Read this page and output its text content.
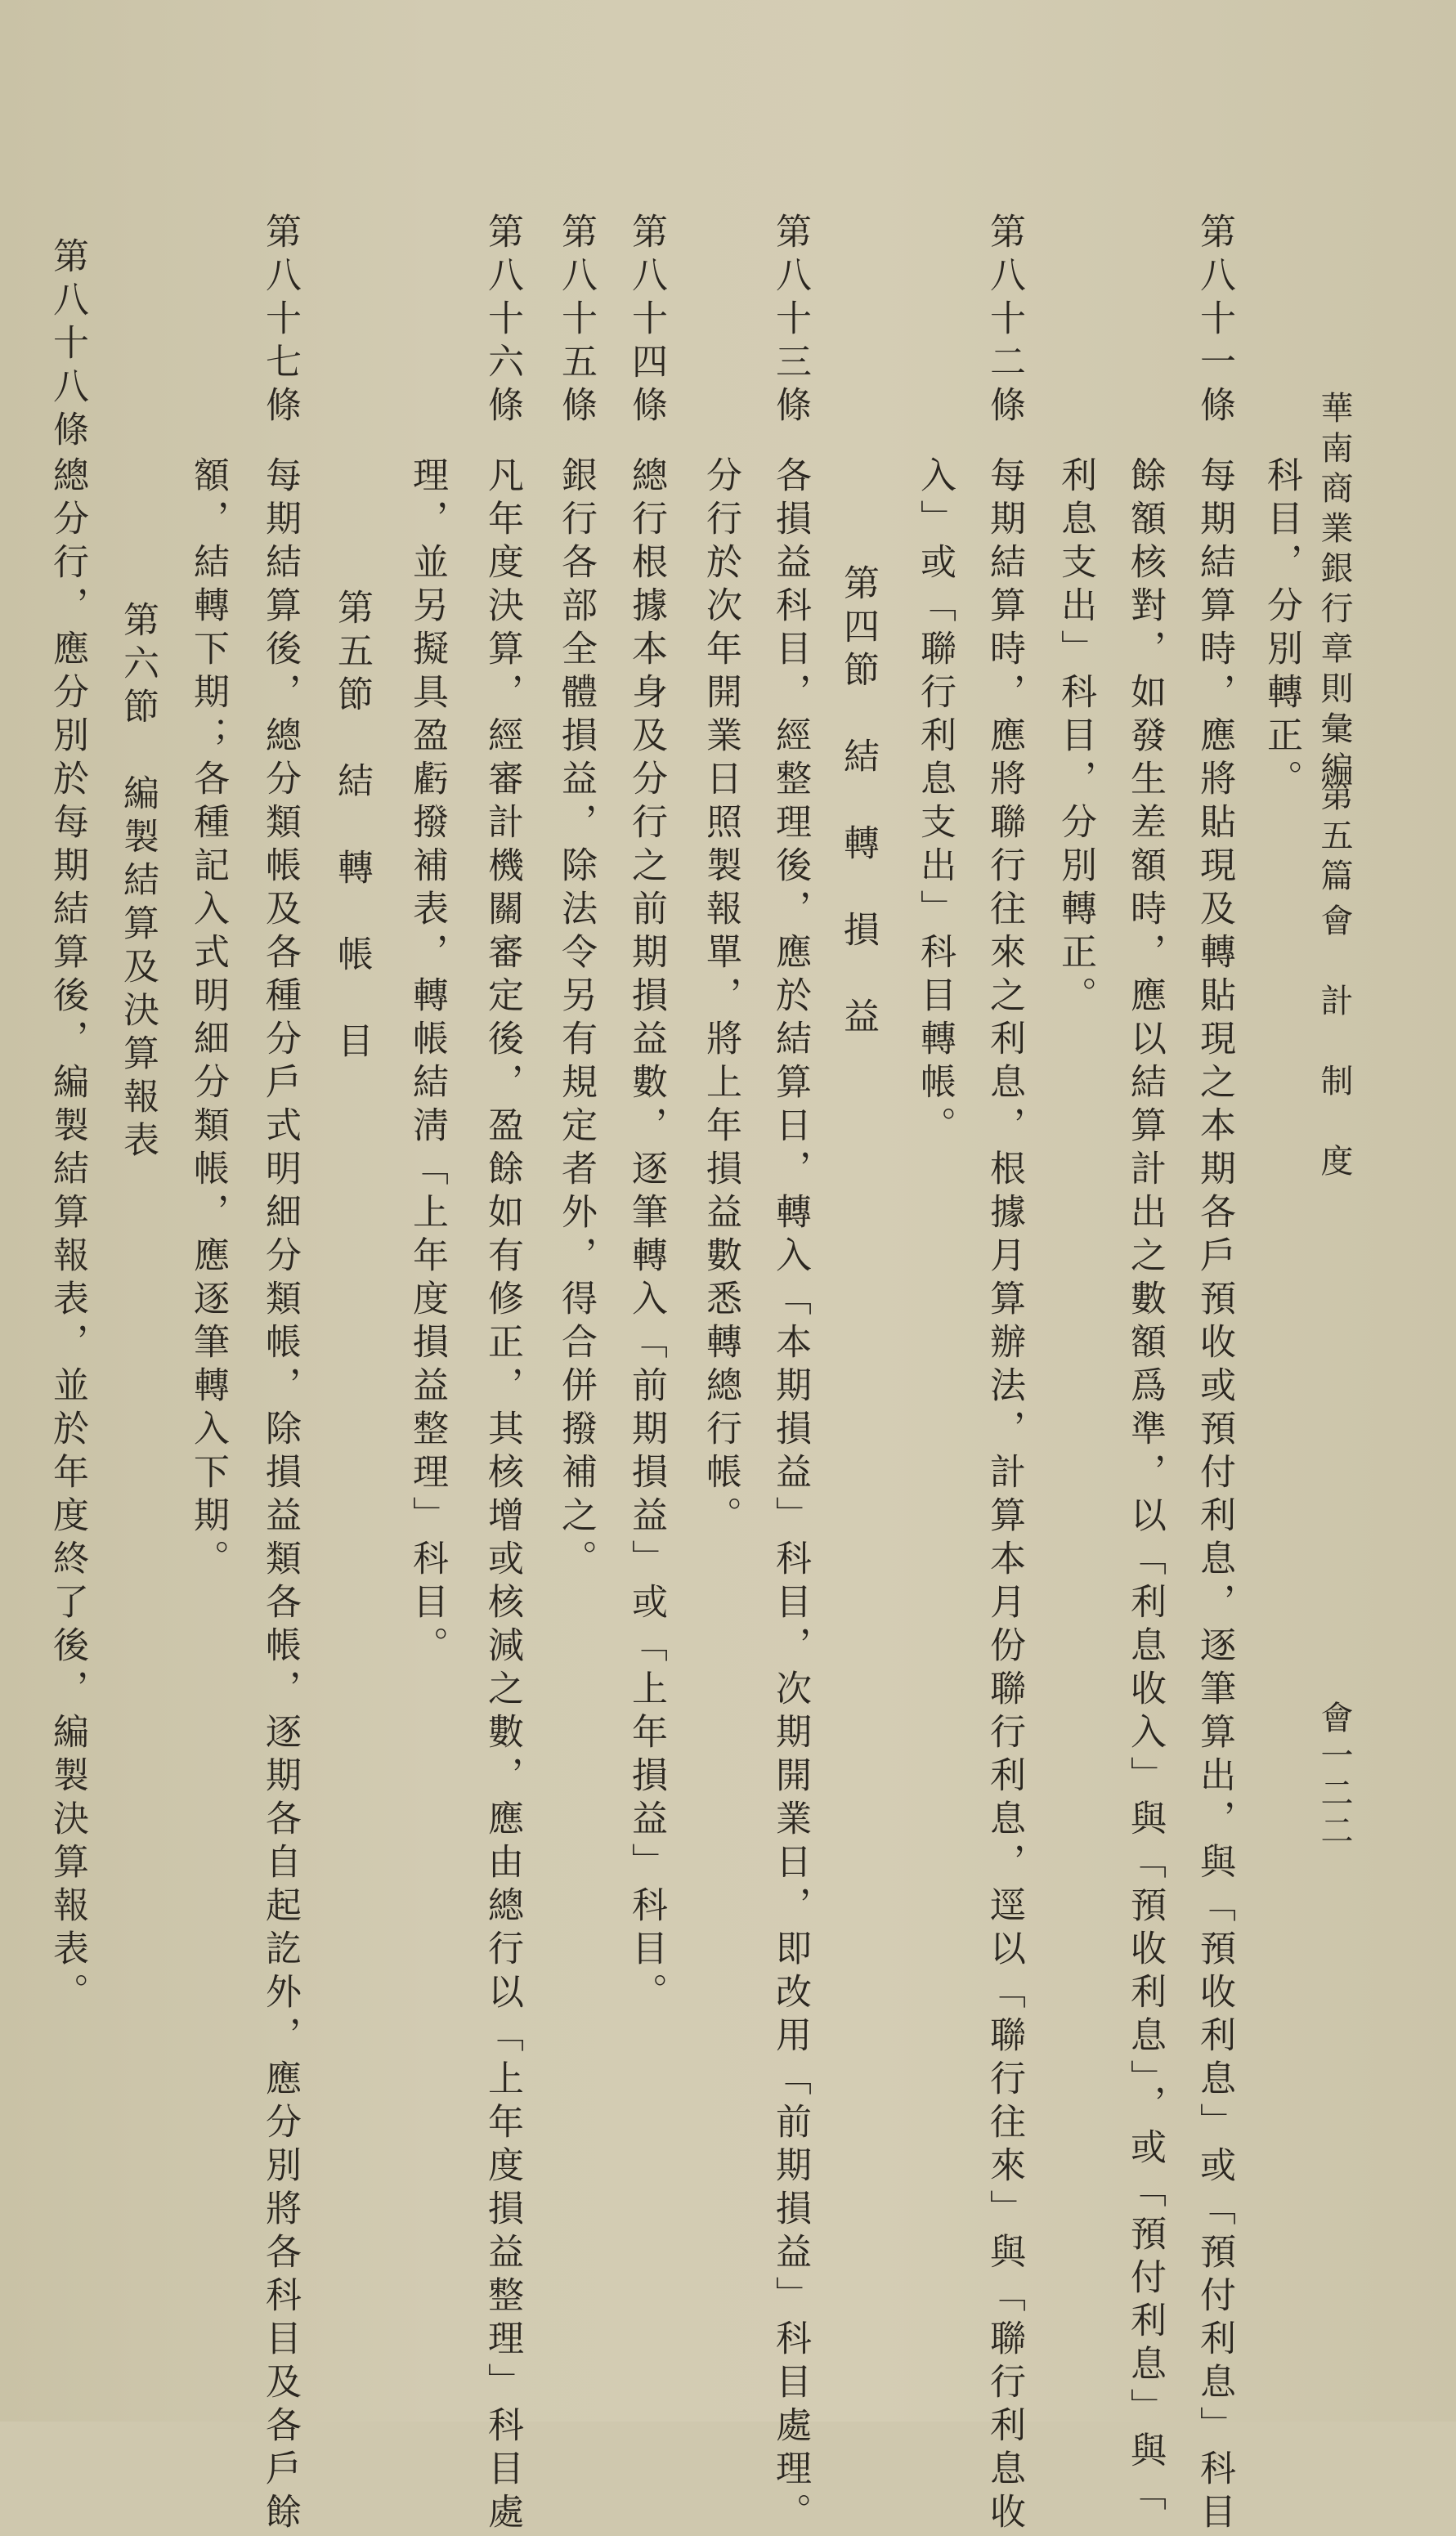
華南商業銀行章則彙編
第五篇
會　計　制　度
會一二二
科目，分別轉正。
第八十一條
每期結算時，應將貼現及轉貼現之本期各戶預收或預付利息，逐筆算出，與「預收利息」或「預付利息」科目
餘額核對，如發生差額時，應以結算計出之數額爲準，以「利息收入」與「預收利息」，或「預付利息」與「
利息支出」科目，分別轉正。
第八十二條
每期結算時，應將聯行往來之利息，根據月算辦法，計算本月份聯行利息，逕以「聯行往來」與「聯行利息收
入」或「聯行利息支出」科目轉帳。
第四節　結　轉　損　益
第八十三條
各損益科目，經整理後，應於結算日，轉入「本期損益」科目，次期開業日，即改用「前期損益」科目處理。
分行於次年開業日照製報單，將上年損益數悉轉總行帳。
第八十四條
總行根據本身及分行之前期損益數，逐筆轉入「前期損益」或「上年損益」科目。
第八十五條
銀行各部全體損益，除法令另有規定者外，得合併撥補之。
第八十六條
凡年度決算，經審計機關審定後，盈餘如有修正，其核增或核減之數，應由總行以「上年度損益整理」科目處
理，並另擬具盈虧撥補表，轉帳結淸「上年度損益整理」科目。
第五節　結　轉　帳　目
第八十七條
每期結算後，總分類帳及各種分戶式明細分類帳，除損益類各帳，逐期各自起訖外，應分別將各科目及各戶餘
額，結轉下期；各種記入式明細分類帳，應逐筆轉入下期。
第六節　編製結算及決算報表
第八十八條
總分行，應分別於每期結算後，編製結算報表，並於年度終了後，編製決算報表。
